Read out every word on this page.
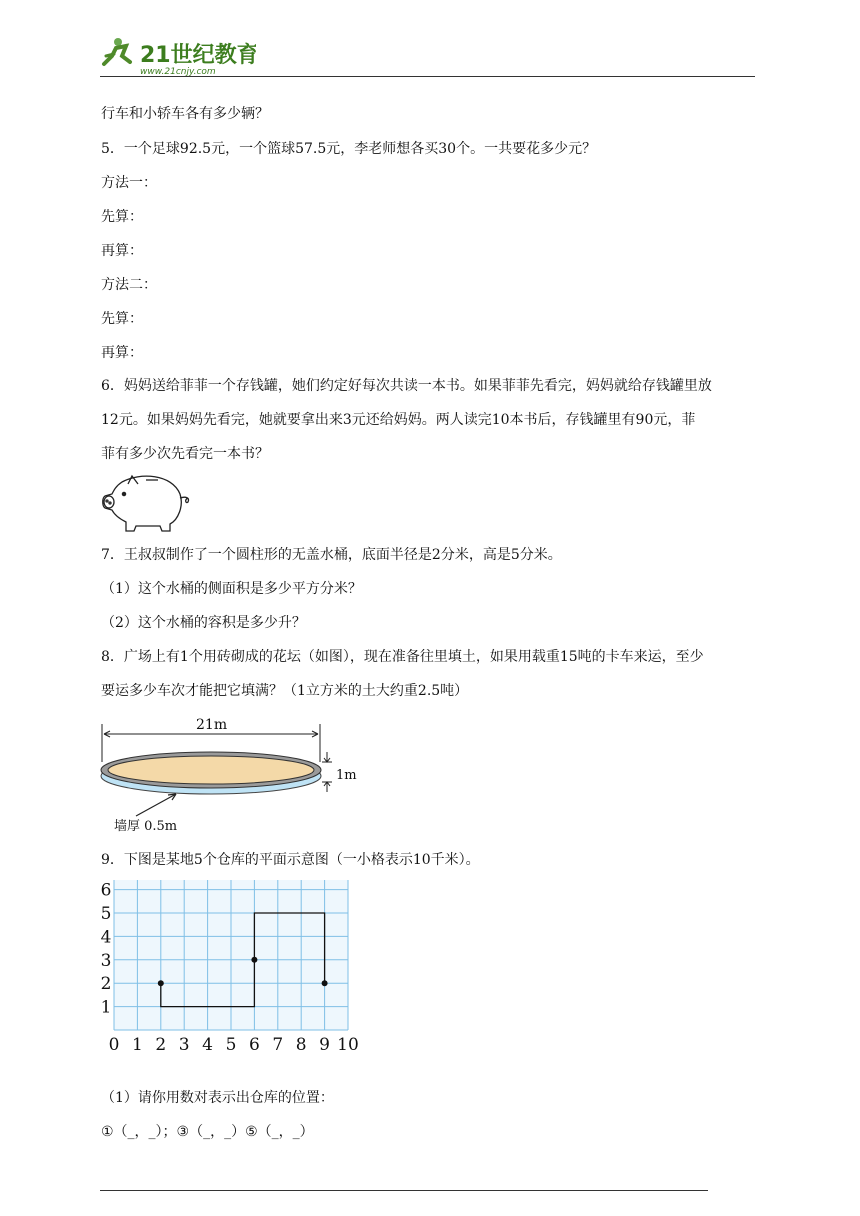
21世纪教育
www.21cnjy.com
行车和小轿车各有多少辆？
5．一个足球92.5元，一个篮球57.5元，李老师想各买30个。一共要花多少元？
方法一：
先算：
再算：
方法二：
先算：
再算：
6．妈妈送给菲菲一个存钱罐，她们约定好每次共读一本书。如果菲菲先看完，妈妈就给存钱罐里放
12元。如果妈妈先看完，她就要拿出来3元还给妈妈。两人读完10本书后，存钱罐里有90元，菲
菲有多少次先看完一本书？
7．王叔叔制作了一个圆柱形的无盖水桶，底面半径是2分米，高是5分米。
（1）这个水桶的侧面积是多少平方分米？
（2）这个水桶的容积是多少升？
8．广场上有1个用砖砌成的花坛（如图），现在准备往里填土，如果用载重15吨的卡车来运，至少
要运多少车次才能把它填满？（1立方米的土大约重2.5吨）
21m
1m
墙厚 0.5m
9．下图是某地5个仓库的平面示意图（一小格表示10千米）。
0 1 2 3 4 5 6 7 8 9 10
1
2
3
4
5
6
（1）请你用数对表示出仓库的位置：
①（_，_）；③（_，_）⑤（_，_）
